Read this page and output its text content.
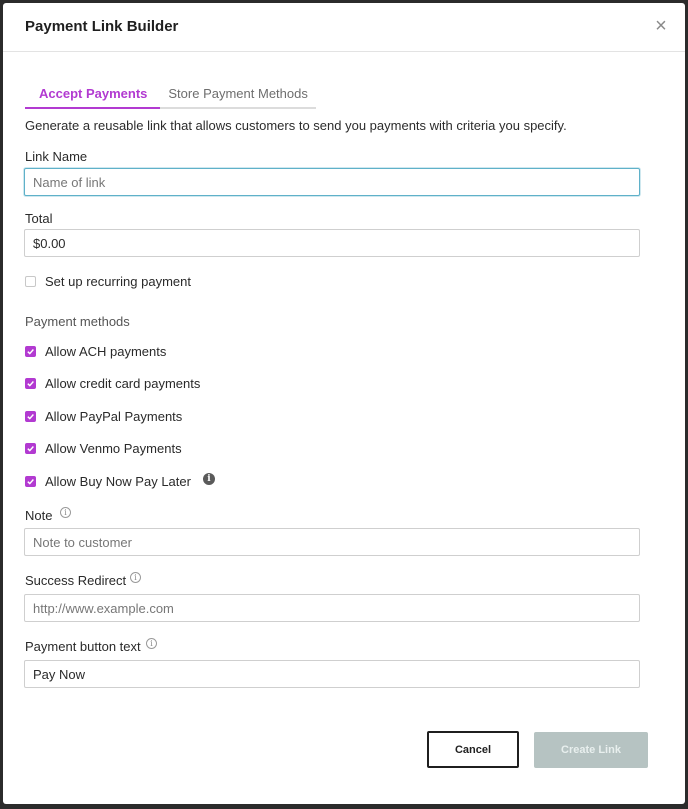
Payment Link Builder	×
Accept Payments	Store Payment Methods
Generate a reusable link that allows customers to send you payments with criteria you specify.
Link Name
Name of link
Total
$0.00
Set up recurring payment
Payment methods
Allow ACH payments
Allow credit card payments
Allow PayPal Payments
Allow Venmo Payments
Allow Buy Now Pay Later	i
Note	i
Note to customer
Success Redirect	i
http://www.example.com
Payment button text	i
Pay Now
Cancel	Create Link
